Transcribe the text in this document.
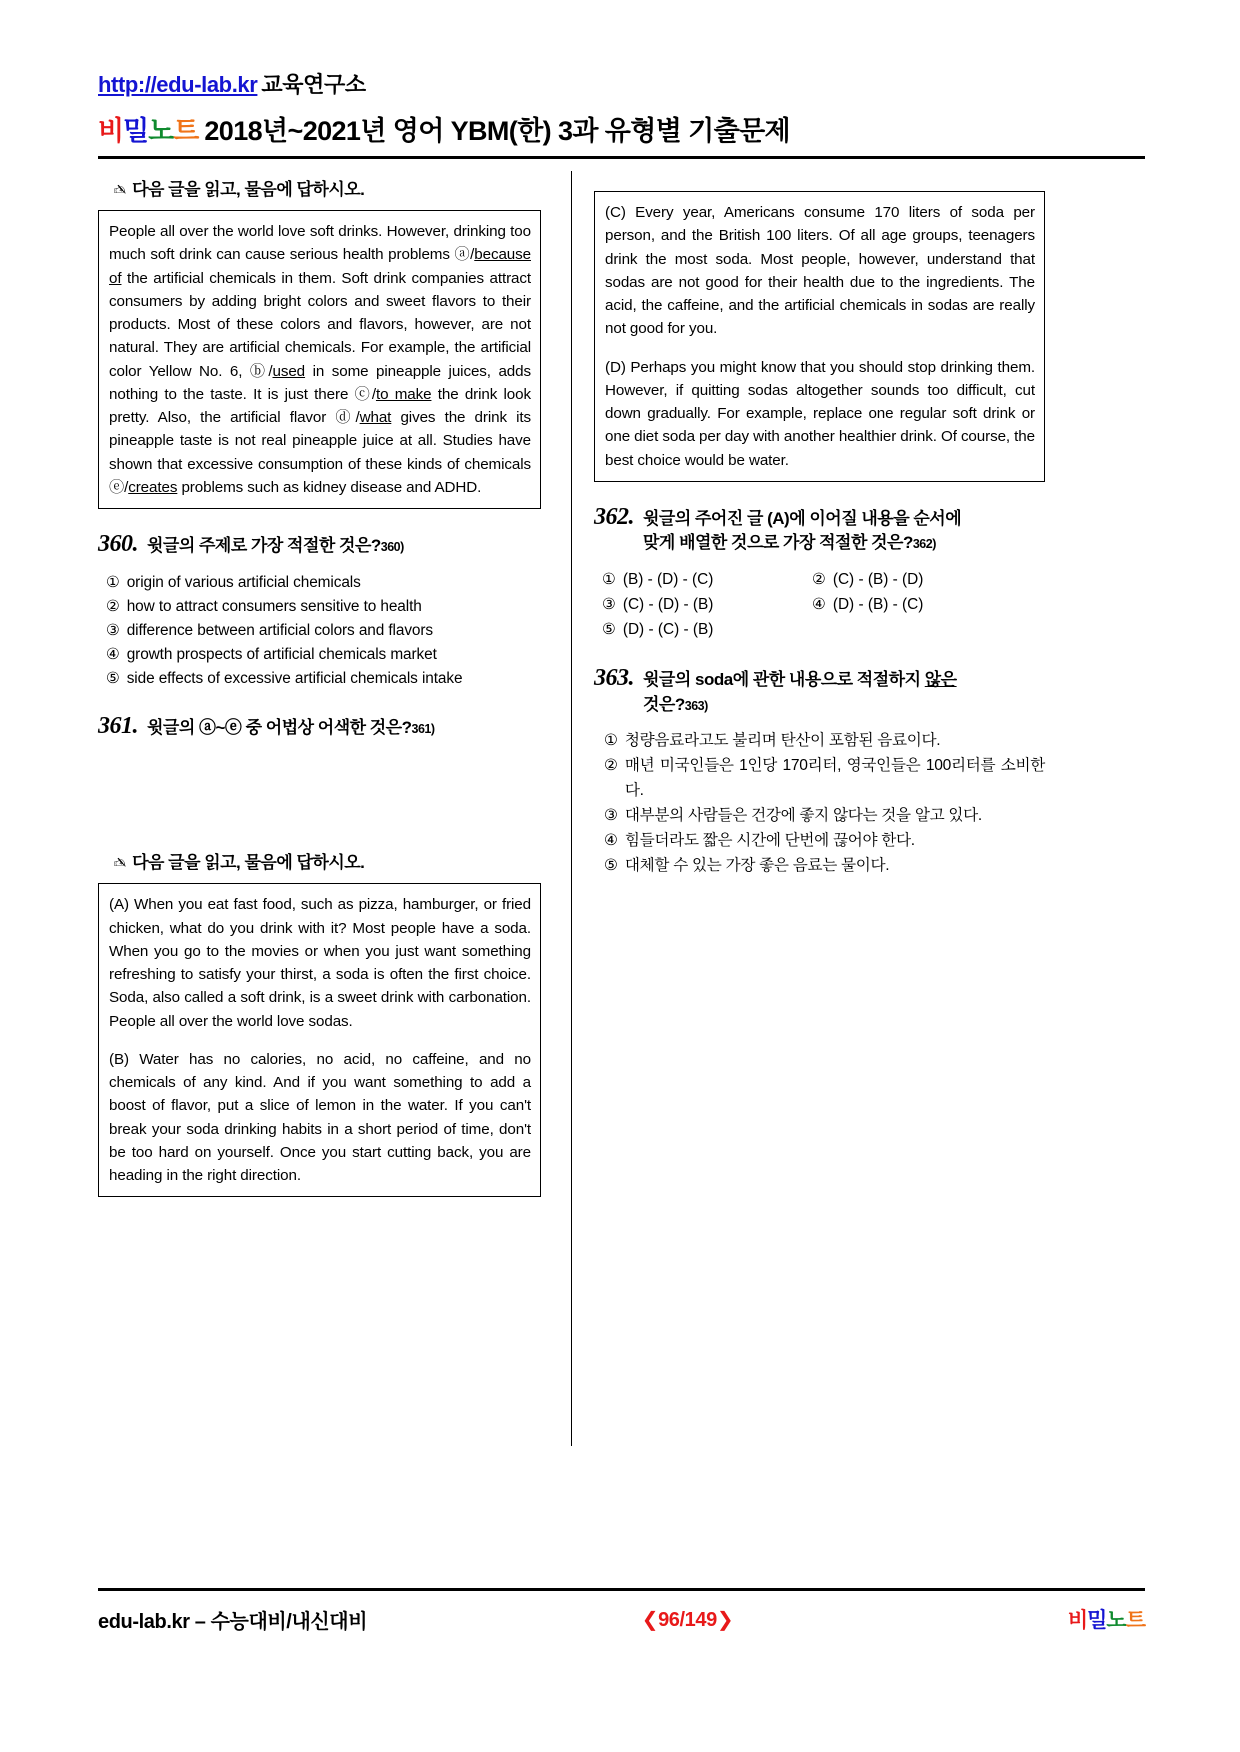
http://edu-lab.kr 교육연구소
비밀노트 2018년~2021년 영어 YBM(한) 3과 유형별 기출문제
✍ 다음 글을 읽고, 물음에 답하시오.

People all over the world love soft drinks. However, drinking too much soft drink can cause serious health problems ⓐ/because of the artificial chemicals in them. Soft drink companies attract consumers by adding bright colors and sweet flavors to their products. Most of these colors and flavors, however, are not natural. They are artificial chemicals. For example, the artificial color Yellow No. 6, ⓑ/used in some pineapple juices, adds nothing to the taste. It is just there ⓒ/to make the drink look pretty. Also, the artificial flavor ⓓ/what gives the drink its pineapple taste is not real pineapple juice at all. Studies have shown that excessive consumption of these kinds of chemicals ⓔ/creates problems such as kidney disease and ADHD.

360. 윗글의 주제로 가장 적절한 것은?360)
① origin of various artificial chemicals
② how to attract consumers sensitive to health
③ difference between artificial colors and flavors
④ growth prospects of artificial chemicals market
⑤ side effects of excessive artificial chemicals intake
361. 윗글의 ⓐ~ⓔ 중 어법상 어색한 것은?361)
✍ 다음 글을 읽고, 물음에 답하시오.

(A) When you eat fast food, such as pizza, hamburger, or fried chicken, what do you drink with it? Most people have a soda. When you go to the movies or when you just want something refreshing to satisfy your thirst, a soda is often the first choice. Soda, also called a soft drink, is a sweet drink with carbonation. People all over the world love sodas.

(B) Water has no calories, no acid, no caffeine, and no chemicals of any kind. And if you want something to add a boost of flavor, put a slice of lemon in the water. If you can't break your soda drinking habits in a short period of time, don't be too hard on yourself. Once you start cutting back, you are heading in the right direction.

(C) Every year, Americans consume 170 liters of soda per person, and the British 100 liters. Of all age groups, teenagers drink the most soda. Most people, however, understand that sodas are not good for their health due to the ingredients. The acid, the caffeine, and the artificial chemicals in sodas are really not good for you.

(D) Perhaps you might know that you should stop drinking them. However, if quitting sodas altogether sounds too difficult, cut down gradually. For example, replace one regular soft drink or one diet soda per day with another healthier drink. Of course, the best choice would be water.

362. 윗글의 주어진 글 (A)에 이어질 내용을 순서에
맞게 배열한 것으로 가장 적절한 것은?362)
① (B) - (D) - (C)	② (C) - (B) - (D)
③ (C) - (D) - (B)	④ (D) - (B) - (C)
⑤ (D) - (C) - (B)
363. 윗글의 soda에 관한 내용으로 적절하지 않은
것은?363)
① 청량음료라고도 불리며 탄산이 포함된 음료이다.
② 매년 미국인들은 1인당 170리터, 영국인들은 100리터를 소비한다.
③ 대부분의 사람들은 건강에 좋지 않다는 것을 알고 있다.
④ 힘들더라도 짧은 시간에 단번에 끊어야 한다.
⑤ 대체할 수 있는 가장 좋은 음료는 물이다.
edu-lab.kr – 수능대비/내신대비	❮96/149❯	비밀노트
